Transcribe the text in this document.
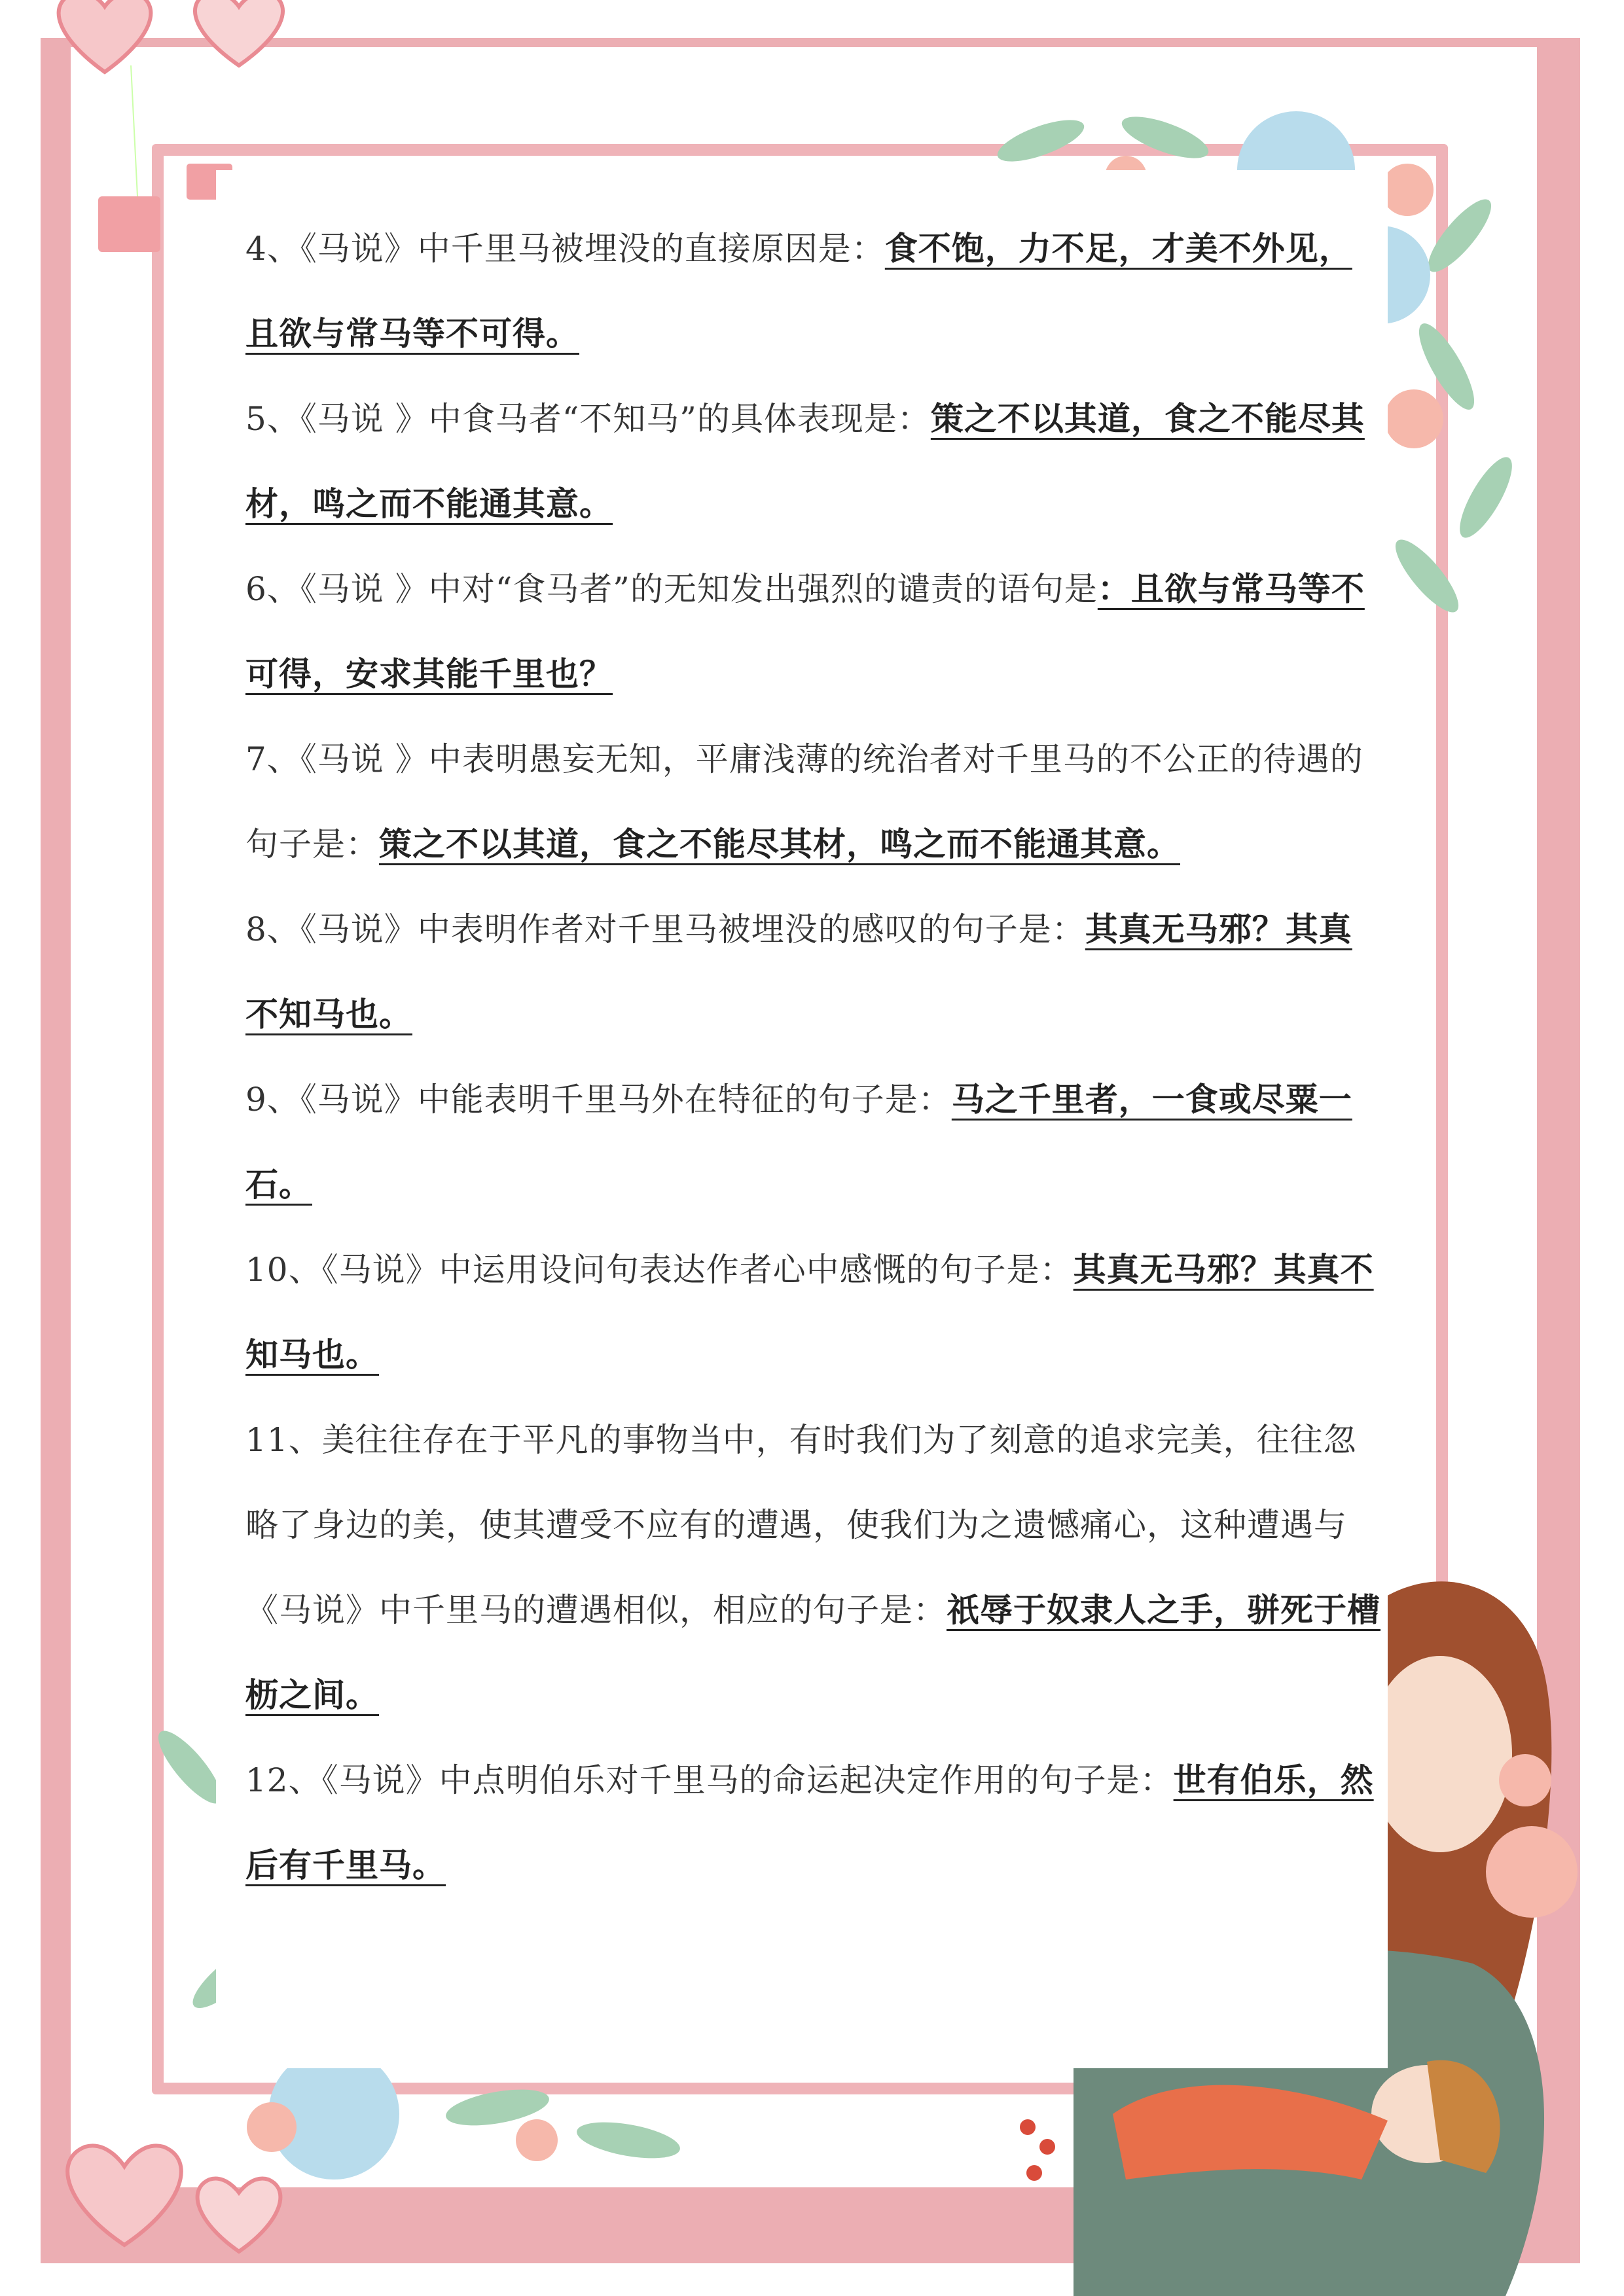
4、《马说》中千里马被埋没的直接原因是：食不饱，力不足，才美不外见，且欲与常马等不可得。

5、《马说 》中食马者“不知马”的具体表现是：策之不以其道，食之不能尽其材，鸣之而不能通其意。

6、《马说 》中对“食马者”的无知发出强烈的谴责的语句是：且欲与常马等不可得，安求其能千里也？

7、《马说 》中表明愚妄无知，平庸浅薄的统治者对千里马的不公正的待遇的句子是：策之不以其道，食之不能尽其材，鸣之而不能通其意。

8、《马说》中表明作者对千里马被埋没的感叹的句子是：其真无马邪？其真不知马也。

9、《马说》中能表明千里马外在特征的句子是：马之千里者，一食或尽粟一石。

10、《马说》中运用设问句表达作者心中感慨的句子是：其真无马邪？其真不知马也。

11、美往往存在于平凡的事物当中，有时我们为了刻意的追求完美，往往忽略了身边的美，使其遭受不应有的遭遇，使我们为之遗憾痛心，这种遭遇与《马说》中千里马的遭遇相似，相应的句子是：祇辱于奴隶人之手，骈死于槽枥之间。

12、《马说》中点明伯乐对千里马的命运起决定作用的句子是：世有伯乐，然后有千里马。
